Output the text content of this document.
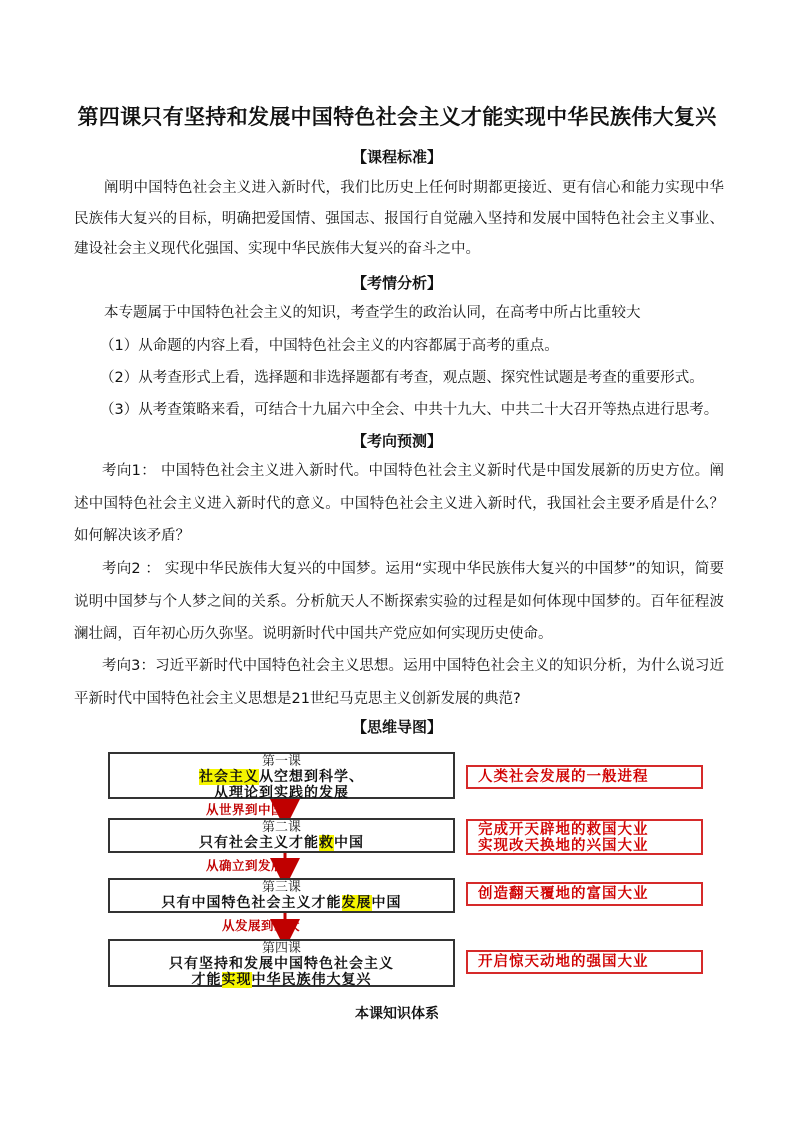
第四课只有坚持和发展中国特色社会主义才能实现中华民族伟大复兴
【课程标准】

阐明中国特色社会主义进入新时代，我们比历史上任何时期都更接近、更有信心和能力实现中华民族伟大复兴的目标，明确把爱国情、强国志、报国行自觉融入坚持和发展中国特色社会主义事业、建设社会主义现代化强国、实现中华民族伟大复兴的奋斗之中。

【考情分析】

本专题属于中国特色社会主义的知识，考查学生的政治认同，在高考中所占比重较大

（1）从命题的内容上看，中国特色社会主义的内容都属于高考的重点。

（2）从考查形式上看，选择题和非选择题都有考查，观点题、探究性试题是考查的重要形式。

（3）从考查策略来看，可结合十九届六中全会、中共十九大、中共二十大召开等热点进行思考。

【考向预测】

考向1： 中国特色社会主义进入新时代。中国特色社会主义新时代是中国发展新的历史方位。阐述中国特色社会主义进入新时代的意义。中国特色社会主义进入新时代，我国社会主要矛盾是什么？如何解决该矛盾？

考向2 ： 实现中华民族伟大复兴的中国梦。运用“实现中华民族伟大复兴的中国梦”的知识，简要说明中国梦与个人梦之间的关系。分析航天人不断探索实验的过程是如何体现中国梦的。百年征程波澜壮阔，百年初心历久弥坚。说明新时代中国共产党应如何实现历史使命。

考向3：习近平新时代中国特色社会主义思想。运用中国特色社会主义的知识分析，为什么说习近平新时代中国特色社会主义思想是21世纪马克思主义创新发展的典范?

【思维导图】
第一课
社会主义从空想到科学、
从理论到实践的发展
从世界到中国
第二课
只有社会主义才能救中国
从确立到发展
第三课
只有中国特色社会主义才能发展中国
从发展到强大
第四课
只有坚持和发展中国特色社会主义
才能实现中华民族伟大复兴
人类社会发展的一般进程
完成开天辟地的救国大业
实现改天换地的兴国大业
创造翻天覆地的富国大业
开启惊天动地的强国大业
本课知识体系
